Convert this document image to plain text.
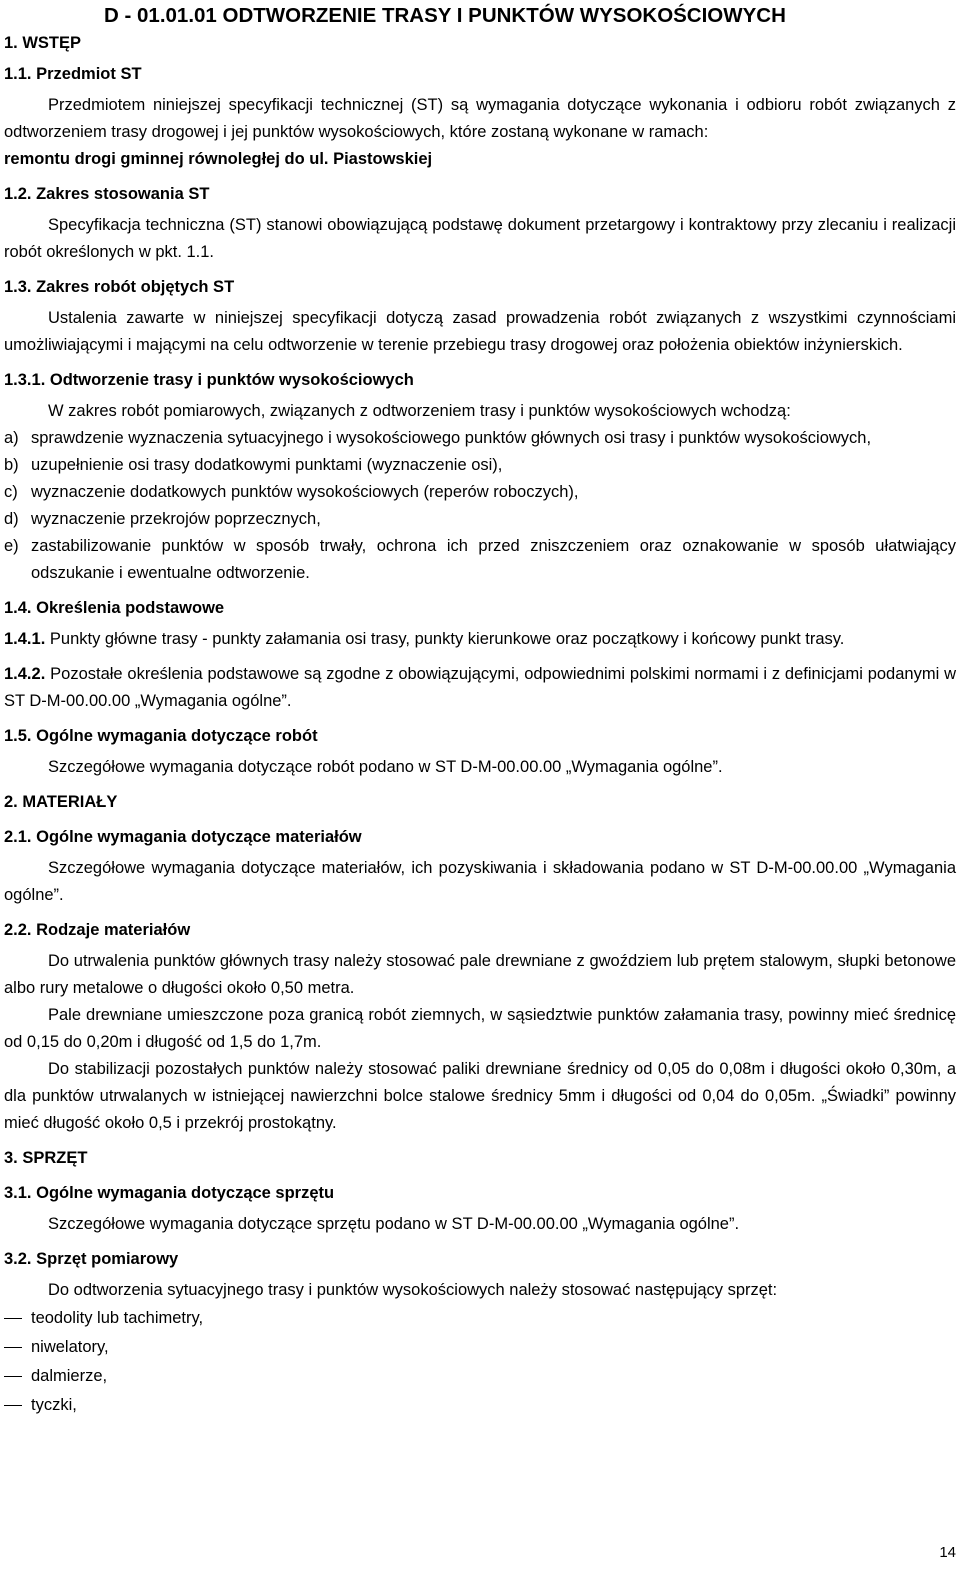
D - 01.01.01 ODTWORZENIE TRASY I PUNKTÓW WYSOKOŚCIOWYCH
1. WSTĘP
1.1. Przedmiot ST

Przedmiotem niniejszej specyfikacji technicznej (ST) są wymagania dotyczące wykonania i odbioru robót związanych z odtworzeniem trasy drogowej i jej punktów wysokościowych, które zostaną wykonane w ramach:

remontu drogi gminnej równoległej do ul. Piastowskiej

1.2. Zakres stosowania ST

Specyfikacja techniczna (ST) stanowi obowiązującą podstawę dokument przetargowy i kontraktowy przy zlecaniu i realizacji robót określonych w pkt. 1.1.

1.3. Zakres robót objętych ST

Ustalenia zawarte w niniejszej specyfikacji dotyczą zasad prowadzenia robót związanych z wszystkimi czynnościami umożliwiającymi i mającymi na celu odtworzenie w terenie przebiegu trasy drogowej oraz położenia obiektów inżynierskich.

1.3.1. Odtworzenie trasy i punktów wysokościowych

W zakres robót pomiarowych, związanych z odtworzeniem trasy i punktów wysokościowych wchodzą:

a) sprawdzenie wyznaczenia sytuacyjnego i wysokościowego punktów głównych osi trasy i punktów wysokościowych,
b) uzupełnienie osi trasy dodatkowymi punktami (wyznaczenie osi),
c) wyznaczenie dodatkowych punktów wysokościowych (reperów roboczych),
d) wyznaczenie przekrojów poprzecznych,
e) zastabilizowanie punktów w sposób trwały, ochrona ich przed zniszczeniem oraz oznakowanie w sposób ułatwiający odszukanie i ewentualne odtworzenie.
1.4. Określenia podstawowe

1.4.1. Punkty główne trasy - punkty załamania osi trasy, punkty kierunkowe oraz początkowy i końcowy punkt trasy.

1.4.2. Pozostałe określenia podstawowe są zgodne z obowiązującymi, odpowiednimi polskimi normami i z definicjami podanymi w ST D-M-00.00.00 „Wymagania ogólne”.

1.5. Ogólne wymagania dotyczące robót

Szczegółowe wymagania dotyczące robót podano w ST D-M-00.00.00 „Wymagania ogólne”.

2. MATERIAŁY
2.1. Ogólne wymagania dotyczące materiałów

Szczegółowe wymagania dotyczące materiałów, ich pozyskiwania i składowania podano w ST D-M-00.00.00 „Wymagania ogólne”.

2.2. Rodzaje materiałów

Do utrwalenia punktów głównych trasy należy stosować pale drewniane z gwoździem lub prętem stalowym, słupki betonowe albo rury metalowe o długości około 0,50 metra.

Pale drewniane umieszczone poza granicą robót ziemnych, w sąsiedztwie punktów załamania trasy, powinny mieć średnicę od 0,15 do 0,20m i długość od 1,5 do 1,7m.

Do stabilizacji pozostałych punktów należy stosować paliki drewniane średnicy od 0,05 do 0,08m i długości około 0,30m, a dla punktów utrwalanych w istniejącej nawierzchni bolce stalowe średnicy 5mm i długości od 0,04 do 0,05m. „Świadki” powinny mieć długość około 0,5 i przekrój prostokątny.

3. SPRZĘT
3.1. Ogólne wymagania dotyczące sprzętu

Szczegółowe wymagania dotyczące sprzętu podano w ST D-M-00.00.00 „Wymagania ogólne”.

3.2. Sprzęt pomiarowy

Do odtworzenia sytuacyjnego trasy i punktów wysokościowych należy stosować następujący sprzęt:

teodolity lub tachimetry,
niwelatory,
dalmierze,
tyczki,
14
